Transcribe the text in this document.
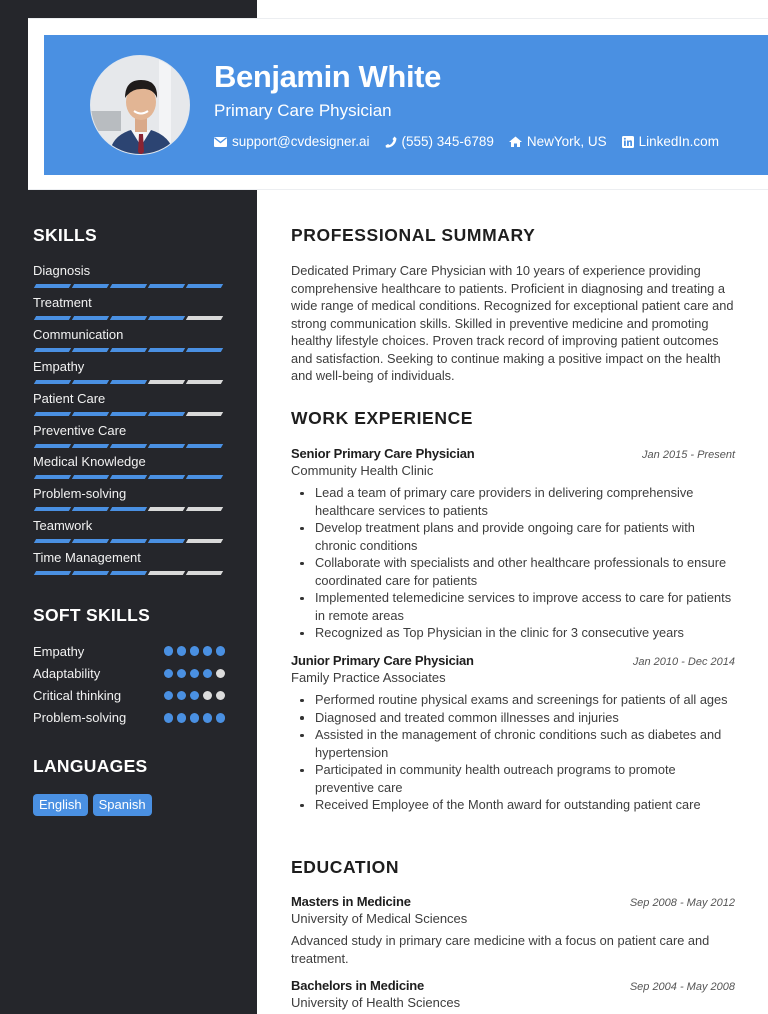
Benjamin White
Primary Care Physician
support@cvdesigner.ai (555) 345-6789 NewYork, US LinkedIn.com
SKILLS
Diagnosis
Treatment
Communication
Empathy
Patient Care
Preventive Care
Medical Knowledge
Problem-solving
Teamwork
Time Management
SOFT SKILLS
Empathy
Adaptability
Critical thinking
Problem-solving
LANGUAGES
English	Spanish
PROFESSIONAL SUMMARY
Dedicated Primary Care Physician with 10 years of experience providing comprehensive healthcare to patients. Proficient in diagnosing and treating a wide range of medical conditions. Recognized for exceptional patient care and strong communication skills. Skilled in preventive medicine and promoting healthy lifestyle choices. Proven track record of improving patient outcomes and satisfaction. Seeking to continue making a positive impact on the health and well-being of individuals.
WORK EXPERIENCE
Senior Primary Care Physician	Jan 2015 - Present
Community Health Clinic
Lead a team of primary care providers in delivering comprehensive healthcare services to patients
Develop treatment plans and provide ongoing care for patients with chronic conditions
Collaborate with specialists and other healthcare professionals to ensure coordinated care for patients
Implemented telemedicine services to improve access to care for patients in remote areas
Recognized as Top Physician in the clinic for 3 consecutive years
Junior Primary Care Physician	Jan 2010 - Dec 2014
Family Practice Associates
Performed routine physical exams and screenings for patients of all ages
Diagnosed and treated common illnesses and injuries
Assisted in the management of chronic conditions such as diabetes and hypertension
Participated in community health outreach programs to promote preventive care
Received Employee of the Month award for outstanding patient care
EDUCATION
Masters in Medicine	Sep 2008 - May 2012
University of Medical Sciences
Advanced study in primary care medicine with a focus on patient care and treatment.
Bachelors in Medicine	Sep 2004 - May 2008
University of Health Sciences
